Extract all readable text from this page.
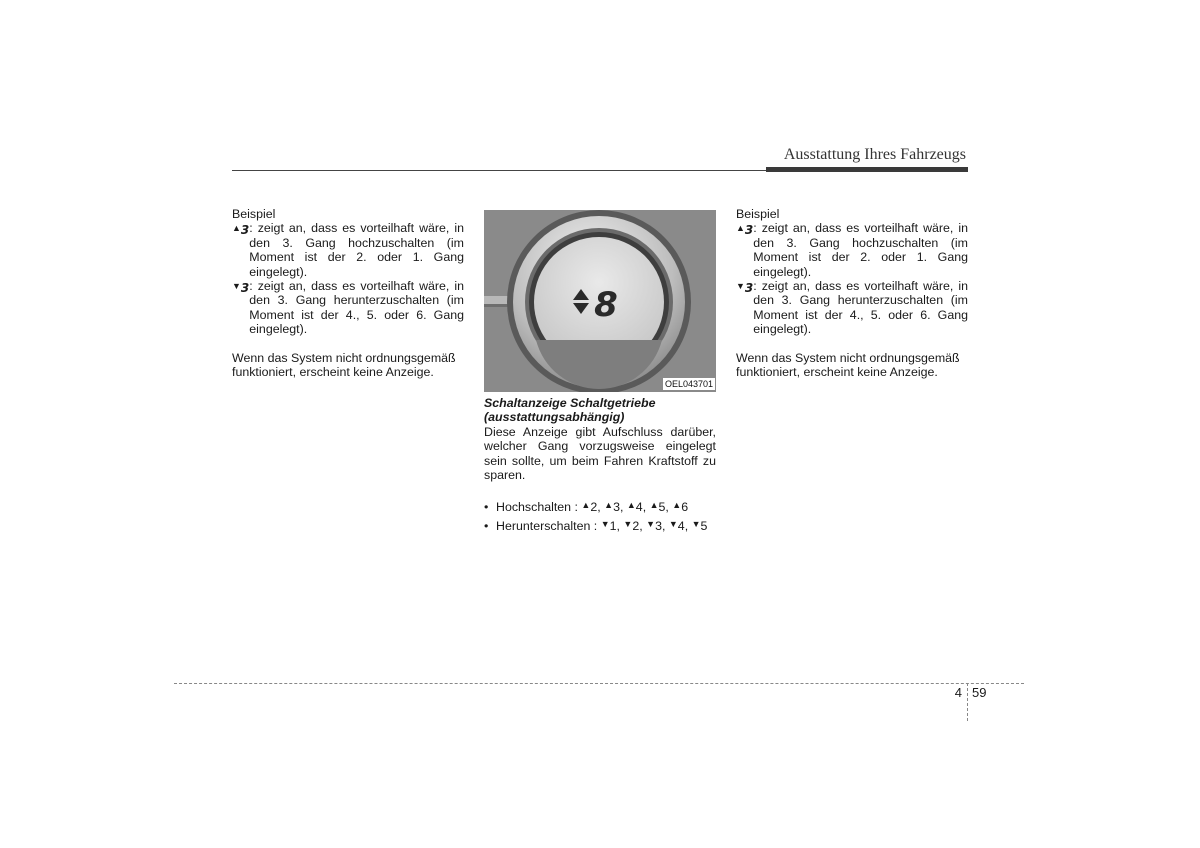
Ausstattung Ihres Fahrzeugs

Beispiel

▲3 : zeigt an, dass es vorteilhaft wäre, in den 3. Gang hochzuschalten (im Moment ist der 2. oder 1. Gang eingelegt).
▼3 : zeigt an, dass es vorteilhaft wäre, in den 3. Gang herunterzuschalten (im Moment ist der 4., 5. oder 6. Gang eingelegt).

Wenn das System nicht ordnungsgemäß funktioniert, erscheint keine Anzeige.

8
OEL043701

Schaltanzeige Schaltgetriebe
(ausstattungsabhängig)

Diese Anzeige gibt Aufschluss darüber, welcher Gang vorzugsweise eingelegt sein sollte, um beim Fahren Kraftstoff zu sparen.

• Hochschalten : ▲2, ▲3, ▲4, ▲5, ▲6
• Herunterschalten : ▼1, ▼2, ▼3, ▼4, ▼5

Beispiel

▲3 : zeigt an, dass es vorteilhaft wäre, in den 3. Gang hochzuschalten (im Moment ist der 2. oder 1. Gang eingelegt).
▼3 : zeigt an, dass es vorteilhaft wäre, in den 3. Gang herunterzuschalten (im Moment ist der 4., 5. oder 6. Gang eingelegt).

Wenn das System nicht ordnungsgemäß funktioniert, erscheint keine Anzeige.

4 59
